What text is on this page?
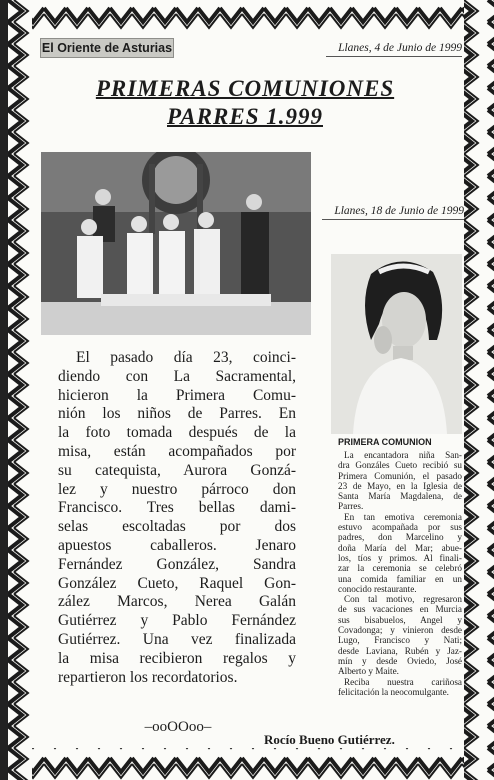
El Oriente de Asturias	Llanes, 4 de Junio de 1999
PRIMERAS COMUNIONES
PARRES 1.999
Llanes, 18 de Junio de 1999
PRIMERA COMUNION
La encantadora niña San-
dra Gonzáles Cueto recibió su
Primera Comunión, el pasado
23 de Mayo, en la Iglesia de
Santa María Magdalena, de
Parres.
En tan emotiva ceremonia
estuvo acompañada por sus
padres, don Marcelino y
doña María del Mar; abue-
los, tíos y primos. Al finali-
zar la ceremonia se celebró
una comida familiar en un
conocido restaurante.
Con tal motivo, regresaron
de sus vacaciones en Murcia
sus bisabuelos, Angel y
Covadonga; y vinieron desde
Lugo, Francisco y Nati;
desde Laviana, Rubén y Jaz-
mín y desde Oviedo, José
Alberto y Maite.
Reciba nuestra cariñosa
felicitación la neocomulgante.
El pasado día 23, coinci-
diendo con La Sacramental,
hicieron la Primera Comu-
nión los niños de Parres. En
la foto tomada después de la
misa, están acompañados por
su catequista, Aurora Gonzá-
lez y nuestro párroco don
Francisco. Tres bellas dami-
selas escoltadas por dos
apuestos caballeros. Jenaro
Fernández González, Sandra
González Cueto, Raquel Gon-
zález Marcos, Nerea Galán
Gutiérrez y Pablo Fernández
Gutiérrez. Una vez finalizada
la misa recibieron regalos y
repartieron los recordatorios.
–ooOOoo–
Rocío Bueno Gutiérrez.
